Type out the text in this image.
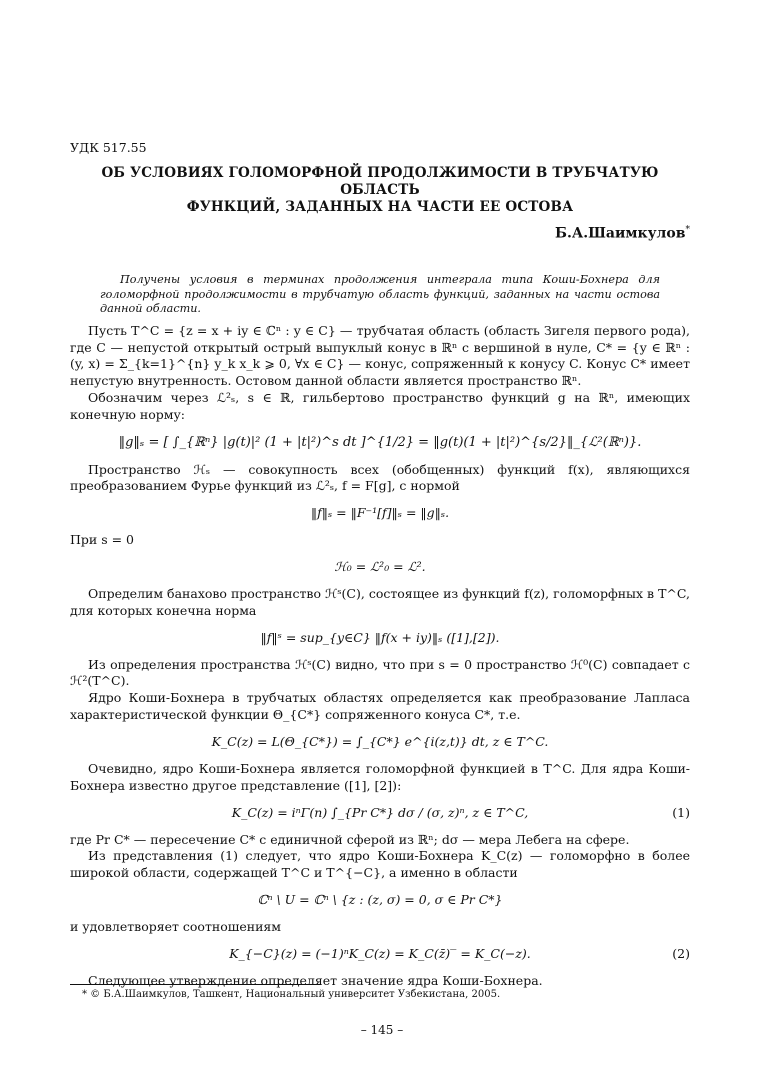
УДК 517.55
ОБ УСЛОВИЯХ ГОЛОМОРФНОЙ ПРОДОЛЖИМОСТИ В ТРУБЧАТУЮ ОБЛАСТЬ
ФУНКЦИЙ, ЗАДАННЫХ НА ЧАСТИ ЕЕ ОСТОВА
Б.А.Шаимкулов*
Получены условия в терминах продолжения интеграла типа Коши-Бохнера для голоморфной продолжимости в трубчатую область функций, заданных на части остова данной области.

Пусть T^C = {z = x + iy ∈ ℂⁿ : y ∈ C} — трубчатая область (область Зигеля первого рода), где C — непустой открытый острый выпуклый конус в ℝⁿ с вершиной в нуле, C* = {y ∈ ℝⁿ : (y, x) = Σ_{k=1}^{n} y_k x_k ⩾ 0, ∀x ∈ C} — конус, сопряженный к конусу C. Конус C* имеет непустую внутренность. Остовом данной области является пространство ℝⁿ.

Обозначим через ℒ²ₛ, s ∈ ℝ, гильбертово пространство функций g на ℝⁿ, имеющих конечную норму:

‖g‖ₛ = [ ∫_{ℝⁿ} |g(t)|² (1 + |t|²)^s dt ]^{1/2} = ‖g(t)(1 + |t|²)^{s/2}‖_{ℒ²(ℝⁿ)}.

Пространство ℋₛ — совокупность всех (обобщенных) функций f(x), являющихся преобразованием Фурье функций из ℒ²ₛ, f = F[g], с нормой

‖f‖ₛ = ‖F⁻¹[f]‖ₛ = ‖g‖ₛ.

При s = 0

ℋ₀ = ℒ²₀ = ℒ².

Определим банахово пространство ℋˢ(C), состоящее из функций f(z), голоморфных в T^C, для которых конечна норма

‖f‖ˢ = sup_{y∈C} ‖f(x + iy)‖ₛ ([1],[2]).

Из определения пространства ℋˢ(C) видно, что при s = 0 пространство ℋ⁰(C) совпадает с ℋ²(T^C).

Ядро Коши-Бохнера в трубчатых областях определяется как преобразование Лапласа характеристической функции Θ_{C*} сопряженного конуса C*, т.е.

K_C(z) = L(Θ_{C*}) = ∫_{C*} e^{i(z,t)} dt, z ∈ T^C.

Очевидно, ядро Коши-Бохнера является голоморфной функцией в T^C. Для ядра Коши-Бохнера известно другое представление ([1], [2]):

K_C(z) = iⁿΓ(n) ∫_{Pr C*} dσ / (σ, z)ⁿ, z ∈ T^C,	(1)

где Pr C* — пересечение C* с единичной сферой из ℝⁿ; dσ — мера Лебега на сфере.

Из представления (1) следует, что ядро Коши-Бохнера K_C(z) — голоморфно в более широкой области, содержащей T^C и T^{−C}, а именно в области

ℂⁿ \ U = ℂⁿ \ {z : (z, σ) = 0, σ ∈ Pr C*}

и удовлетворяет соотношениям

K_{−C}(z) = (−1)ⁿK_C(z) = K_C(z̄)‾ = K_C(−z).	(2)

Следующее утверждение определяет значение ядра Коши-Бохнера.

* © Б.А.Шаимкулов, Ташкент, Национальный университет Узбекистана, 2005.
– 145 –
